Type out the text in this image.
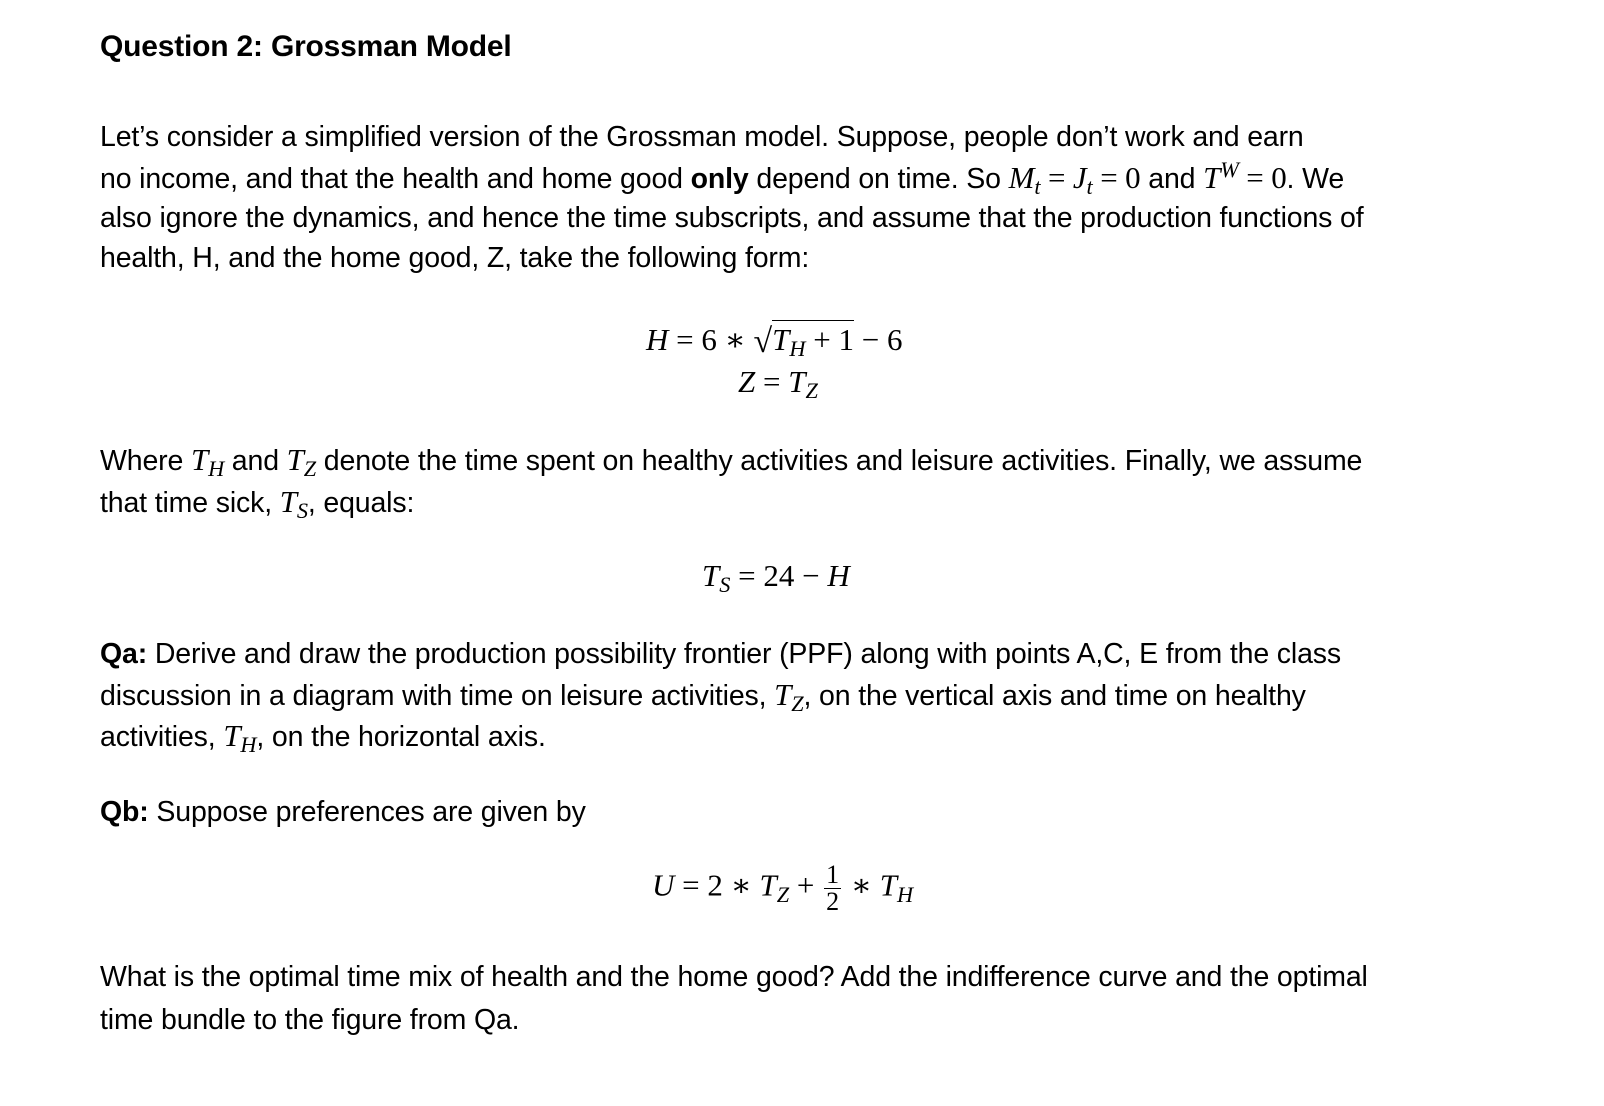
Question 2: Grossman Model
Let’s consider a simplified version of the Grossman model. Suppose, people don’t work and earn
no income, and that the health and home good only depend on time. So $M_t = J_t = 0$ and $T^W = 0$. We
also ignore the dynamics, and hence the time subscripts, and assume that the production functions of
health, H, and the home good, Z, take the following form:
H = 6 ∗ $√T_H + 1 - 6$
$Z = T_Z$
Where $T_H$ and $T_Z$ denote the time spent on healthy activities and leisure activities. Finally, we assume
that time sick, $T_S$, equals:
$T_S = 24 - H$
Qa: Derive and draw the production possibility frontier (PPF) along with points A,C, E from the class
discussion in a diagram with time on leisure activities, $T_Z$, on the vertical axis and time on healthy
activities, $T_H$, on the horizontal axis.
Qb: Suppose preferences are given by
U = 2 ∗ $T_Z + \frac{1}{2}$ ∗ $T_H$
What is the optimal time mix of health and the home good? Add the indifference curve and the optimal
time bundle to the figure from Qa.
